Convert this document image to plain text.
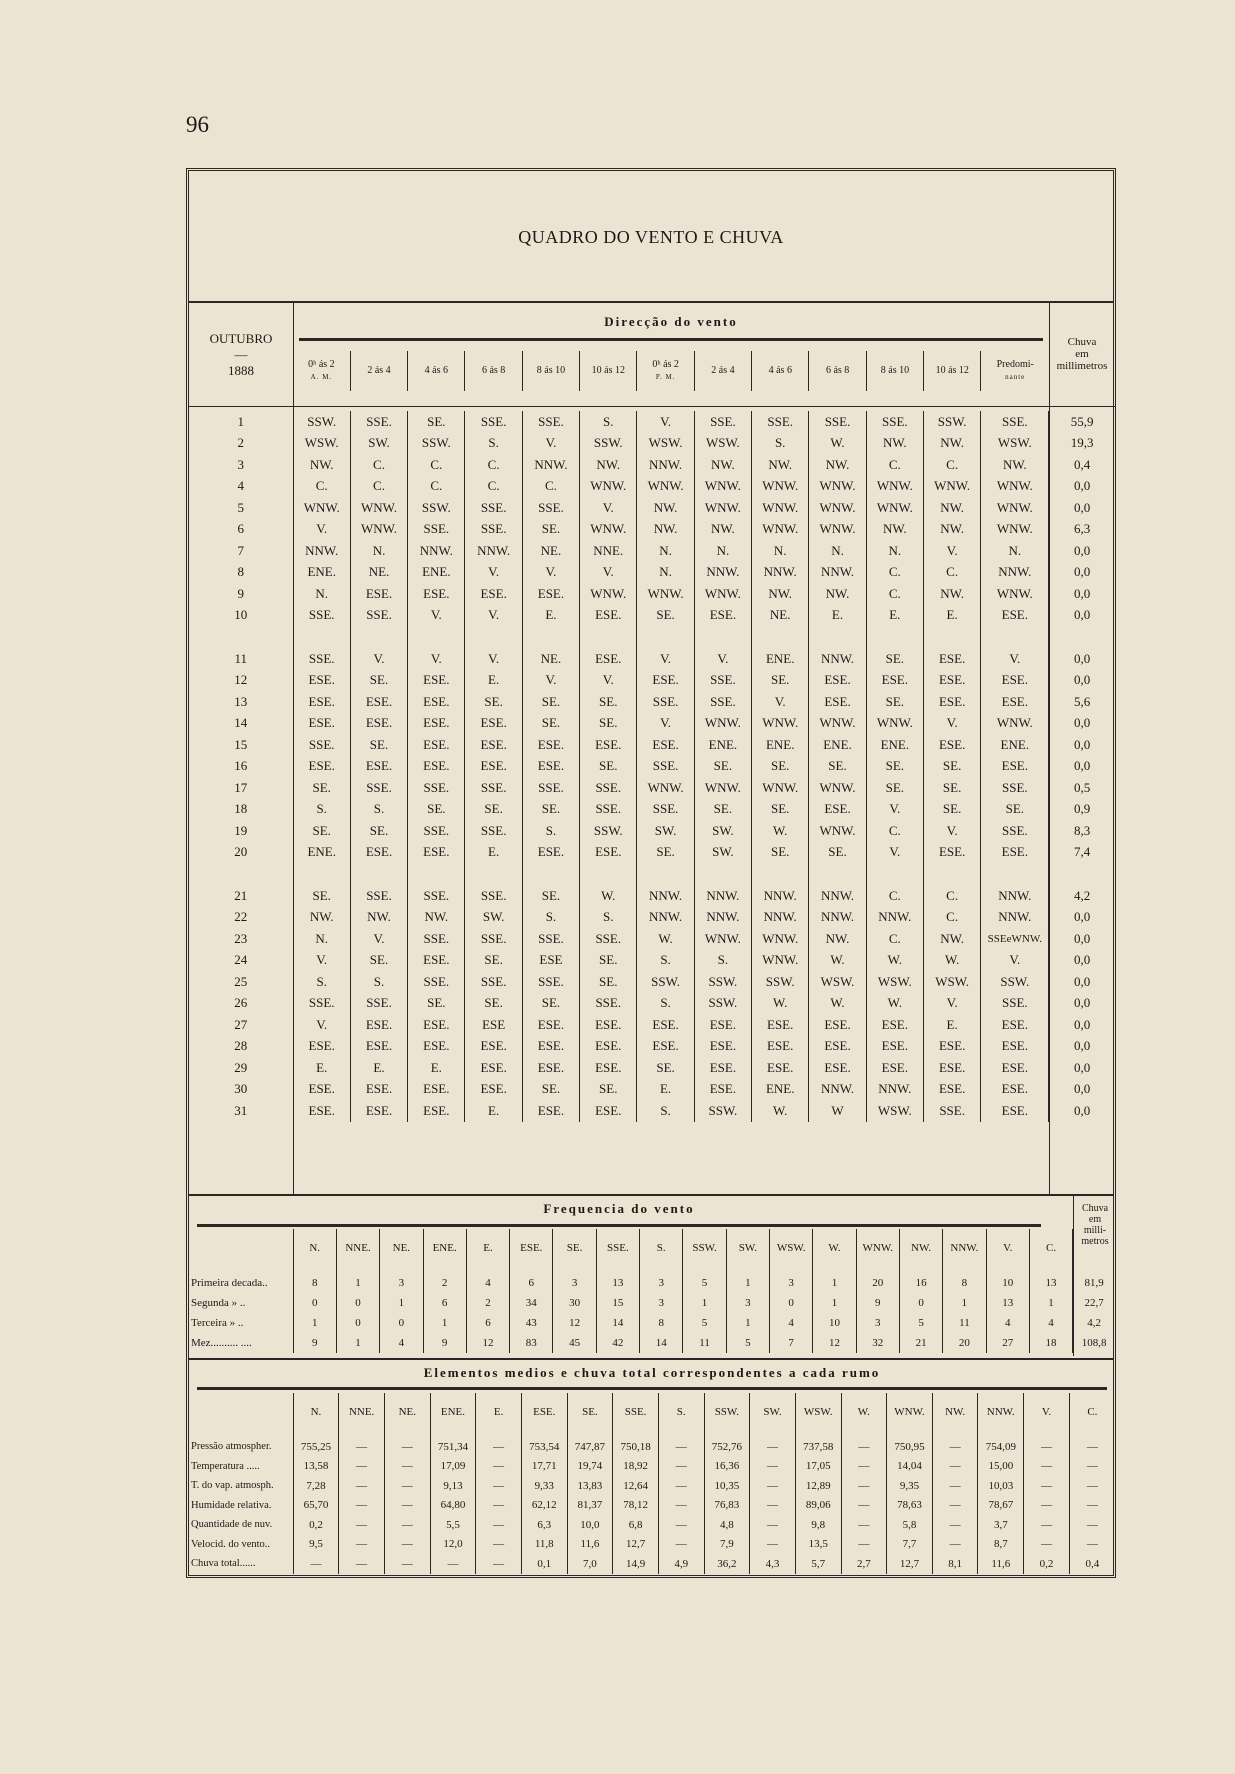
96
QUADRO DO VENTO E CHUVA
OUTUBRO
—
1888
Direcção do vento
Chuva
em
millimetros
0ʰ ás 2
A. M.

2 ás 4	4 ás 6	6 ás 8	8 ás 10	10 ás 12

0ʰ ás 2
P. M.

2 ás 4	4 ás 6	6 ás 8	8 ás 10	10 ás 12

Predomi-
nante
1	SSW.	SSE.	SE.	SSE.	SSE.	S.	V.	SSE.	SSE.	SSE.	SSE.	SSW.	SSE.	55,9
2	WSW.	SW.	SSW.	S.	V.	SSW.	WSW.	WSW.	S.	W.	NW.	NW.	WSW.	19,3
3	NW.	C.	C.	C.	NNW.	NW.	NNW.	NW.	NW.	NW.	C.	C.	NW.	0,4
4	C.	C.	C.	C.	C.	WNW.	WNW.	WNW.	WNW.	WNW.	WNW.	WNW.	WNW.	0,0
5	WNW.	WNW.	SSW.	SSE.	SSE.	V.	NW.	WNW.	WNW.	WNW.	WNW.	NW.	WNW.	0,0
6	V.	WNW.	SSE.	SSE.	SE.	WNW.	NW.	NW.	WNW.	WNW.	NW.	NW.	WNW.	6,3
7	NNW.	N.	NNW.	NNW.	NE.	NNE.	N.	N.	N.	N.	N.	V.	N.	0,0
8	ENE.	NE.	ENE.	V.	V.	V.	N.	NNW.	NNW.	NNW.	C.	C.	NNW.	0,0
9	N.	ESE.	ESE.	ESE.	ESE.	WNW.	WNW.	WNW.	NW.	NW.	C.	NW.	WNW.	0,0
10	SSE.	SSE.	V.	V.	E.	ESE.	SE.	ESE.	NE.	E.	E.	E.	ESE.	0,0

11	SSE.	V.	V.	V.	NE.	ESE.	V.	V.	ENE.	NNW.	SE.	ESE.	V.	0,0
12	ESE.	SE.	ESE.	E.	V.	V.	ESE.	SSE.	SE.	ESE.	ESE.	ESE.	ESE.	0,0
13	ESE.	ESE.	ESE.	SE.	SE.	SE.	SSE.	SSE.	V.	ESE.	SE.	ESE.	ESE.	5,6
14	ESE.	ESE.	ESE.	ESE.	SE.	SE.	V.	WNW.	WNW.	WNW.	WNW.	V.	WNW.	0,0
15	SSE.	SE.	ESE.	ESE.	ESE.	ESE.	ESE.	ENE.	ENE.	ENE.	ENE.	ESE.	ENE.	0,0
16	ESE.	ESE.	ESE.	ESE.	ESE.	SE.	SSE.	SE.	SE.	SE.	SE.	SE.	ESE.	0,0
17	SE.	SSE.	SSE.	SSE.	SSE.	SSE.	WNW.	WNW.	WNW.	WNW.	SE.	SE.	SSE.	0,5
18	S.	S.	SE.	SE.	SE.	SSE.	SSE.	SE.	SE.	ESE.	V.	SE.	SE.	0,9
19	SE.	SE.	SSE.	SSE.	S.	SSW.	SW.	SW.	W.	WNW.	C.	V.	SSE.	8,3
20	ENE.	ESE.	ESE.	E.	ESE.	ESE.	SE.	SW.	SE.	SE.	V.	ESE.	ESE.	7,4

21	SE.	SSE.	SSE.	SSE.	SE.	W.	NNW.	NNW.	NNW.	NNW.	C.	C.	NNW.	4,2
22	NW.	NW.	NW.	SW.	S.	S.	NNW.	NNW.	NNW.	NNW.	NNW.	C.	NNW.	0,0
23	N.	V.	SSE.	SSE.	SSE.	SSE.	W.	WNW.	WNW.	NW.	C.	NW.	SSEeWNW.	0,0
24	V.	SE.	ESE.	SE.	ESE	SE.	S.	S.	WNW.	W.	W.	W.	V.	0,0
25	S.	S.	SSE.	SSE.	SSE.	SE.	SSW.	SSW.	SSW.	WSW.	WSW.	WSW.	SSW.	0,0
26	SSE.	SSE.	SE.	SE.	SE.	SSE.	S.	SSW.	W.	W.	W.	V.	SSE.	0,0
27	V.	ESE.	ESE.	ESE	ESE.	ESE.	ESE.	ESE.	ESE.	ESE.	ESE.	E.	ESE.	0,0
28	ESE.	ESE.	ESE.	ESE.	ESE.	ESE.	ESE.	ESE.	ESE.	ESE.	ESE.	ESE.	ESE.	0,0
29	E.	E.	E.	ESE.	ESE.	ESE.	SE.	ESE.	ESE.	ESE.	ESE.	ESE.	ESE.	0,0
30	ESE.	ESE.	ESE.	ESE.	SE.	SE.	E.	ESE.	ENE.	NNW.	NNW.	ESE.	ESE.	0,0
31	ESE.	ESE.	ESE.	E.	ESE.	ESE.	S.	SSW.	W.	W	WSW.	SSE.	ESE.	0,0
Frequencia do vento	Chuva
em
milli-
metros
	N.	NNE.	NE.	ENE.	E.	ESE.	SE.	SSE.	S.	SSW.	SW.	WSW.	W.	WNW.	NW.	NNW.	V.	C.	
Primeira decada..	8	1	3	2	4	6	3	13	3	5	1	3	1	20	16	8	10	13	81,9
Segunda » ..	0	0	1	6	2	34	30	15	3	1	3	0	1	9	0	1	13	1	22,7
Terceira » ..	1	0	0	1	6	43	12	14	8	5	1	4	10	3	5	11	4	4	4,2
Mez.......... ....	9	1	4	9	12	83	45	42	14	11	5	7	12	32	21	20	27	18	108,8
Elementos medios e chuva total correspondentes a cada rumo
	N.	NNE.	NE.	ENE.	E.	ESE.	SE.	SSE.	S.	SSW.	SW.	WSW.	W.	WNW.	NW.	NNW.	V.	C.
Pressão atmospher.	755,25	—	—	751,34	—	753,54	747,87	750,18	—	752,76	—	737,58	—	750,95	—	754,09	—	—
Temperatura .....	13,58	—	—	17,09	—	17,71	19,74	18,92	—	16,36	—	17,05	—	14,04	—	15,00	—	—
T. do vap. atmosph.	7,28	—	—	9,13	—	9,33	13,83	12,64	—	10,35	—	12,89	—	9,35	—	10,03	—	—
Humidade relativa.	65,70	—	—	64,80	—	62,12	81,37	78,12	—	76,83	—	89,06	—	78,63	—	78,67	—	—
Quantidade de nuv.	0,2	—	—	5,5	—	6,3	10,0	6,8	—	4,8	—	9,8	—	5,8	—	3,7	—	—
Velocid. do vento..	9,5	—	—	12,0	—	11,8	11,6	12,7	—	7,9	—	13,5	—	7,7	—	8,7	—	—
Chuva total......	—	—	—	—	—	0,1	7,0	14,9	4,9	36,2	4,3	5,7	2,7	12,7	8,1	11,6	0,2	0,4
